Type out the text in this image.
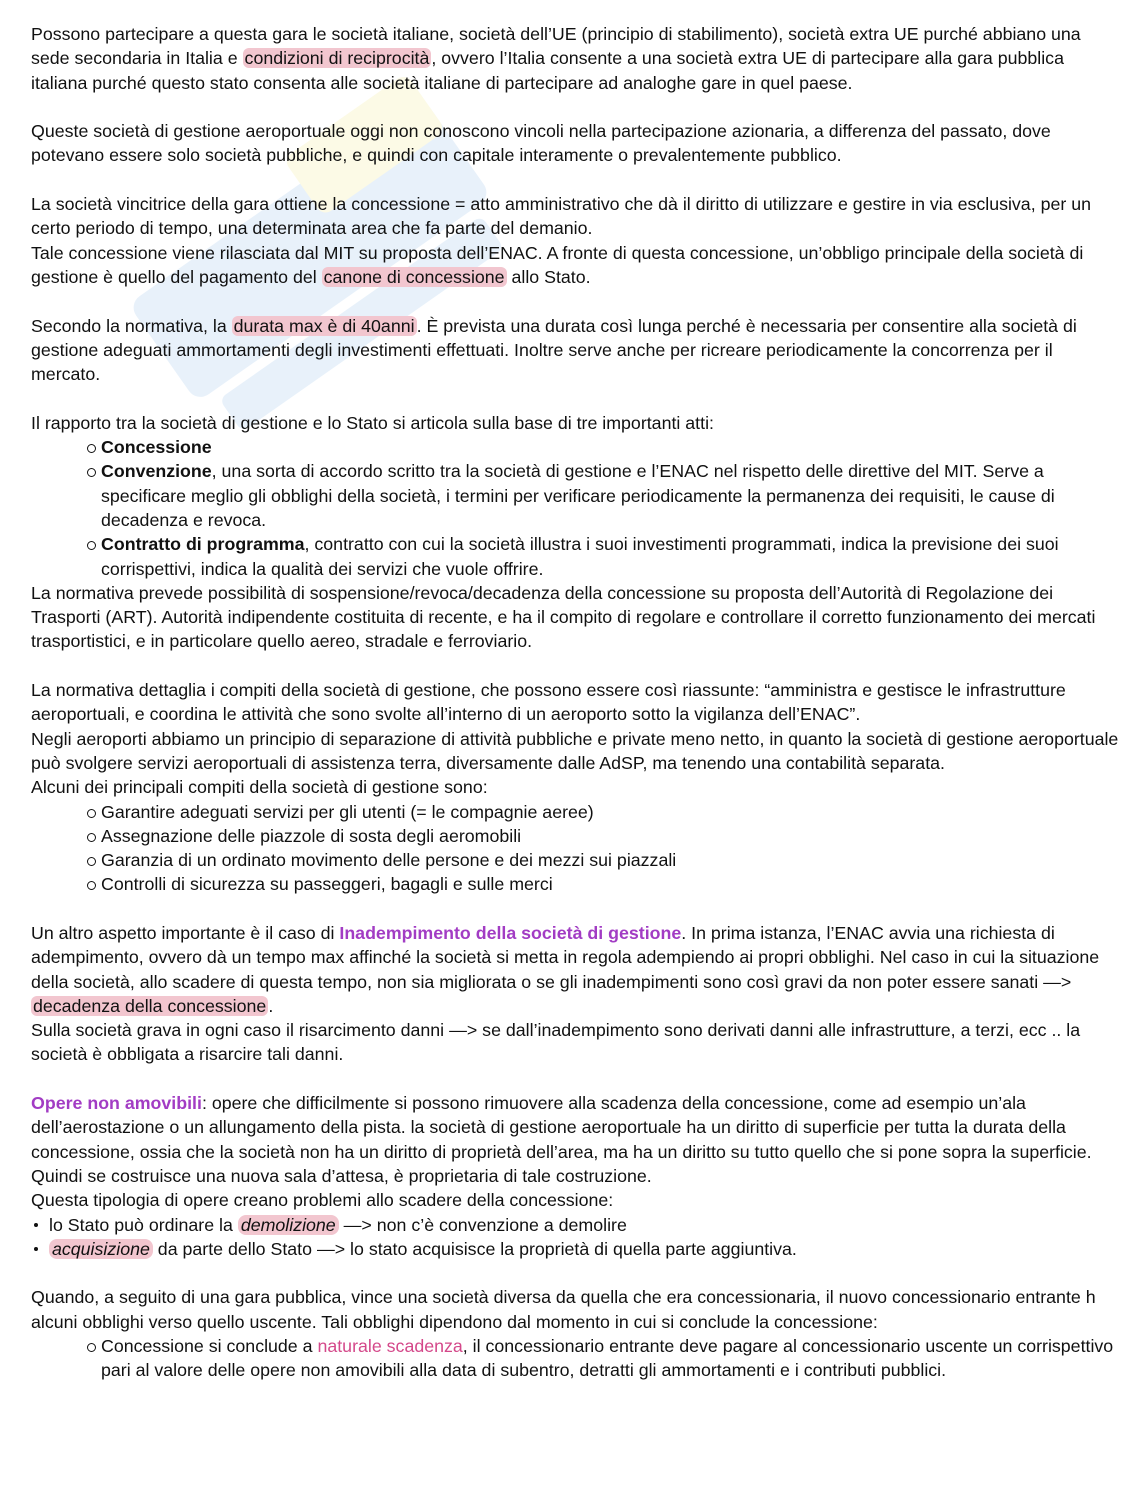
Possono partecipare a questa gara le società italiane, società dell’UE (principio di stabilimento), società extra UE purché abbiano una sede secondaria in Italia e condizioni di reciprocità , ovvero l’Italia consente a una società extra UE di partecipare alla gara pubblica italiana purché questo stato consenta alle società italiane di partecipare ad analoghe gare in quel paese.

Queste società di gestione aeroportuale oggi non conoscono vincoli nella partecipazione azionaria, a differenza del passato, dove potevano essere solo società pubbliche, e quindi con capitale interamente o prevalentemente pubblico.

La società vincitrice della gara ottiene la concessione = atto amministrativo che dà il diritto di utilizzare e gestire in via esclusiva, per un certo periodo di tempo, una determinata area che fa parte del demanio.

Tale concessione viene rilasciata dal MIT su proposta dell’ENAC. A fronte di questa concessione, un’obbligo principale della società di gestione è quello del pagamento del canone di concessione allo Stato.

Secondo la normativa, la durata max è di 40anni . È prevista una durata così lunga perché è necessaria per consentire alla società di gestione adeguati ammortamenti degli investimenti effettuati. Inoltre serve anche per ricreare periodicamente la concorrenza per il mercato.

Il rapporto tra la società di gestione e lo Stato si articola sulla base di tre importanti atti:

Concessione
Convenzione, una sorta di accordo scritto tra la società di gestione e l’ENAC nel rispetto delle direttive del MIT. Serve a specificare meglio gli obblighi della società, i termini per verificare periodicamente la permanenza dei requisiti, le cause di decadenza e revoca.
Contratto di programma, contratto con cui la società illustra i suoi investimenti programmati, indica la previsione dei suoi corrispettivi, indica la qualità dei servizi che vuole offrire.

La normativa prevede possibilità di sospensione/revoca/decadenza della concessione su proposta dell’Autorità di Regolazione dei Trasporti (ART). Autorità indipendente costituita di recente, e ha il compito di regolare e controllare il corretto funzionamento dei mercati trasportistici, e in particolare quello aereo, stradale e ferroviario.

La normativa dettaglia i compiti della società di gestione, che possono essere così riassunte: “amministra e gestisce le infrastrutture aeroportuali, e coordina le attività che sono svolte all’interno di un aeroporto sotto la vigilanza dell’ENAC”.

Negli aeroporti abbiamo un principio di separazione di attività pubbliche e private meno netto, in quanto la società di gestione aeroportuale può svolgere servizi aeroportuali di assistenza terra, diversamente dalle AdSP, ma tenendo una contabilità separata.

Alcuni dei principali compiti della società di gestione sono:

Garantire adeguati servizi per gli utenti (= le compagnie aeree)
Assegnazione delle piazzole di sosta degli aeromobili
Garanzia di un ordinato movimento delle persone e dei mezzi sui piazzali
Controlli di sicurezza su passeggeri, bagagli e sulle merci

Un altro aspetto importante è il caso di Inadempimento della società di gestione. In prima istanza, l’ENAC avvia una richiesta di adempimento, ovvero dà un tempo max affinché la società si metta in regola adempiendo ai propri obblighi. Nel caso in cui la situazione della società, allo scadere di questa tempo, non sia migliorata o se gli inadempimenti sono così gravi da non poter essere sanati —> decadenza della concessione .

Sulla società grava in ogni caso il risarcimento danni —> se dall’inadempimento sono derivati danni alle infrastrutture, a terzi, ecc .. la società è obbligata a risarcire tali danni.

Opere non amovibili: opere che difficilmente si possono rimuovere alla scadenza della concessione, come ad esempio un’ala dell’aerostazione o un allungamento della pista. la società di gestione aeroportuale ha un diritto di superficie per tutta la durata della concessione, ossia che la società non ha un diritto di proprietà dell’area, ma ha un diritto su tutto quello che si pone sopra la superficie. Quindi se costruisce una nuova sala d’attesa, è proprietaria di tale costruzione.

Questa tipologia di opere creano problemi allo scadere della concessione:

lo Stato può ordinare la demolizione —> non c’è convenzione a demolire
acquisizione da parte dello Stato —> lo stato acquisisce la proprietà di quella parte aggiuntiva.

Quando, a seguito di una gara pubblica, vince una società diversa da quella che era concessionaria, il nuovo concessionario entrante h alcuni obblighi verso quello uscente. Tali obblighi dipendono dal momento in cui si conclude la concessione:

Concessione si conclude a naturale scadenza, il concessionario entrante deve pagare al concessionario uscente un corrispettivo pari al valore delle opere non amovibili alla data di subentro, detratti gli ammortamenti e i contributi pubblici.
